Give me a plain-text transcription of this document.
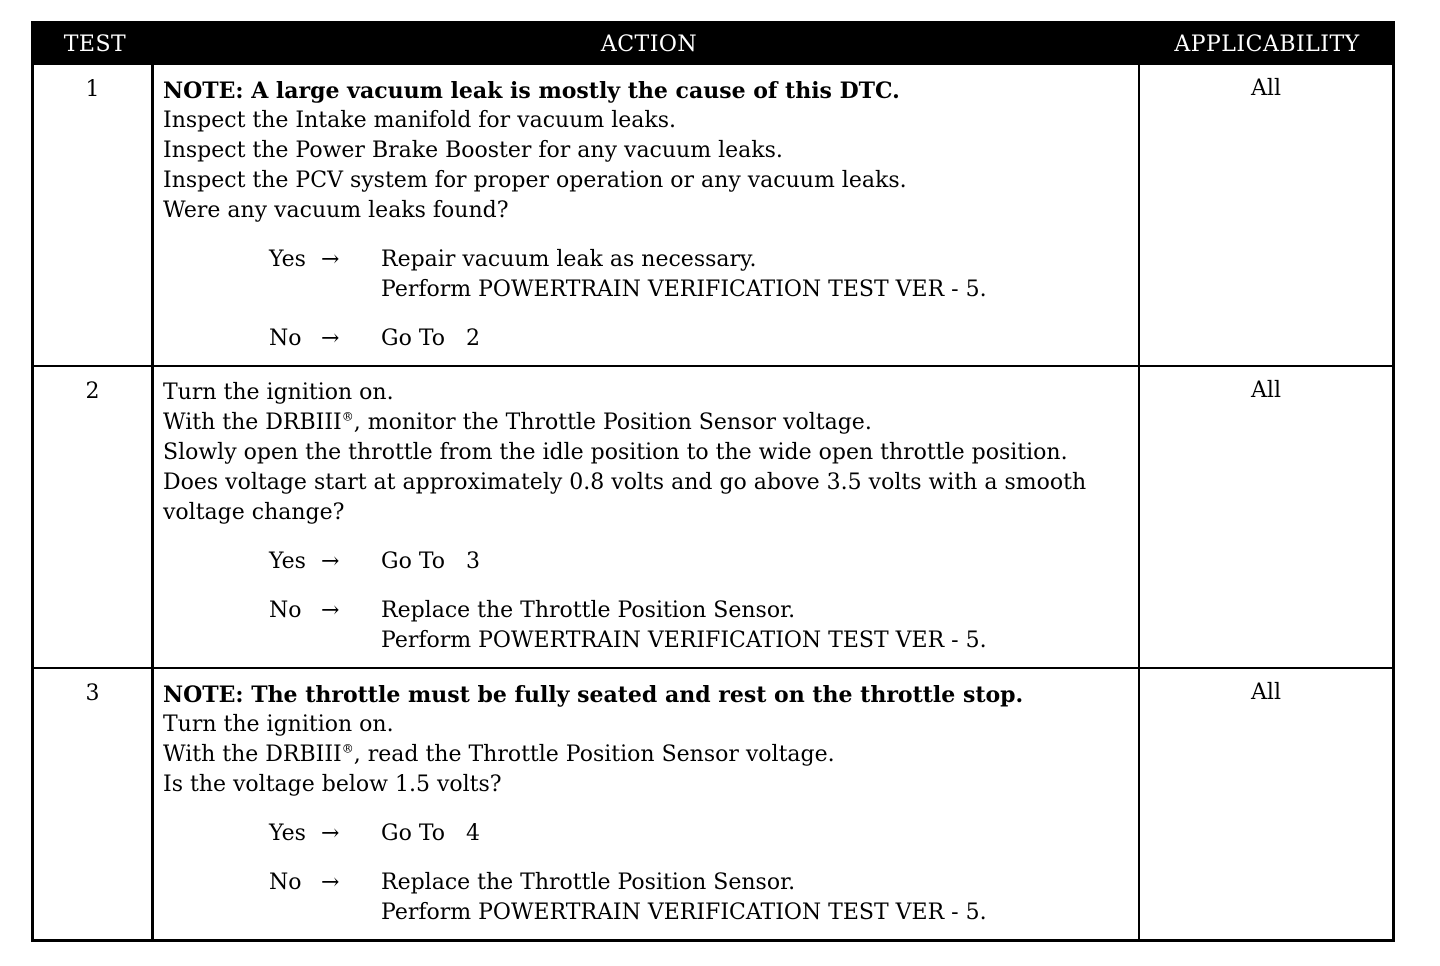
TEST	ACTION	APPLICABILITY
1	NOTE: A large vacuum leak is mostly the cause of this DTC.
Inspect the Intake manifold for vacuum leaks.
Inspect the Power Brake Booster for any vacuum leaks.
Inspect the PCV system for proper operation or any vacuum leaks.
Were any vacuum leaks found?
Yes →	Repair vacuum leak as necessary.
Perform POWERTRAIN VERIFICATION TEST VER - 5.
No →	Go To   2
All
2	Turn the ignition on.
With the DRBIII®, monitor the Throttle Position Sensor voltage.
Slowly open the throttle from the idle position to the wide open throttle position.
Does voltage start at approximately 0.8 volts and go above 3.5 volts with a smooth voltage change?
Yes →	Go To   3
No →	Replace the Throttle Position Sensor.
Perform POWERTRAIN VERIFICATION TEST VER - 5.
All
3	NOTE: The throttle must be fully seated and rest on the throttle stop.
Turn the ignition on.
With the DRBIII®, read the Throttle Position Sensor voltage.
Is the voltage below 1.5 volts?
Yes →	Go To   4
No →	Replace the Throttle Position Sensor.
Perform POWERTRAIN VERIFICATION TEST VER - 5.
All
